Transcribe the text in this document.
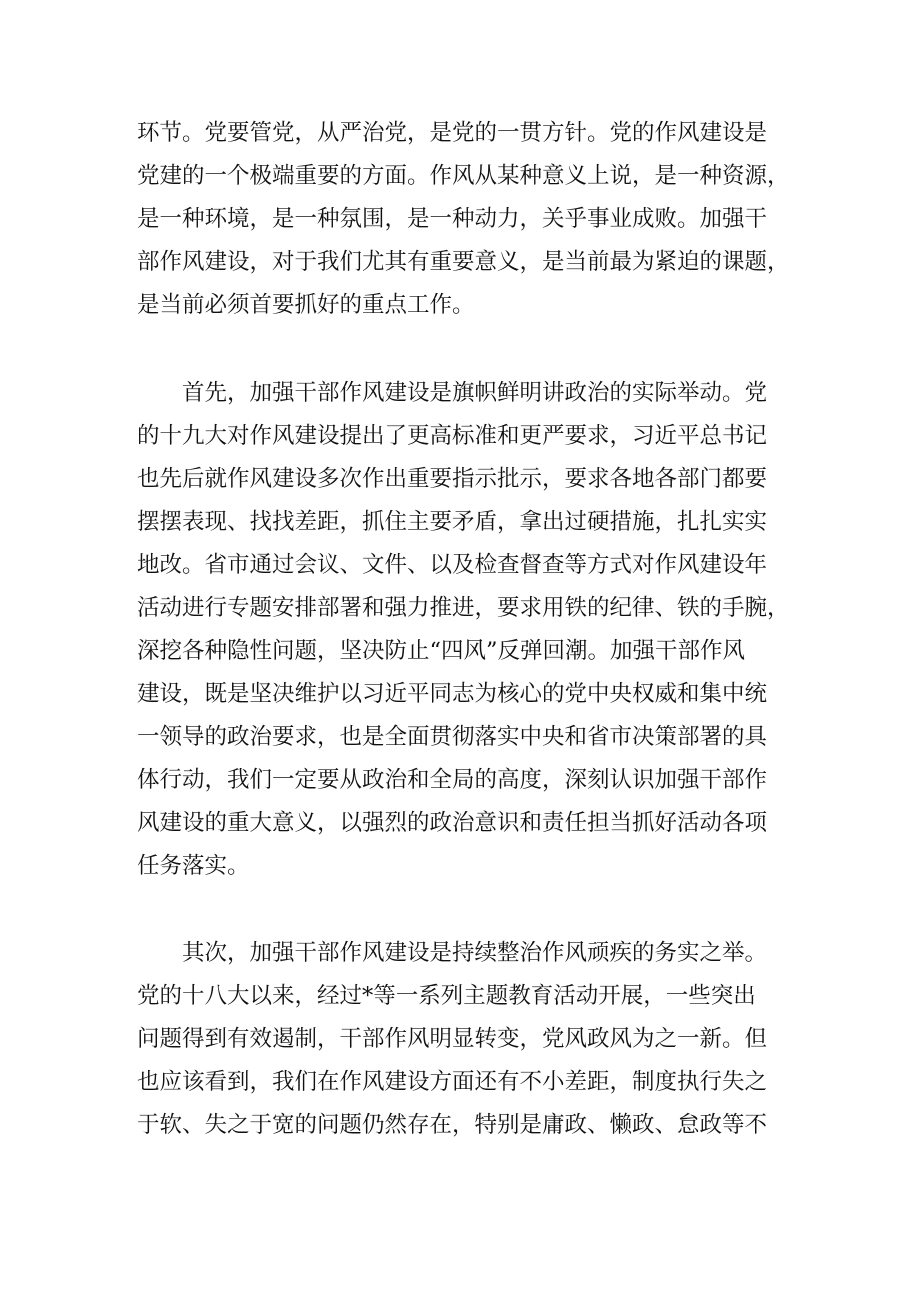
环节。党要管党，从严治党，是党的一贯方针。党的作风建设是
党建的一个极端重要的方面。作风从某种意义上说，是一种资源，
是一种环境，是一种氛围，是一种动力，关乎事业成败。加强干
部作风建设，对于我们尤其有重要意义，是当前最为紧迫的课题，
是当前必须首要抓好的重点工作。
　　首先，加强干部作风建设是旗帜鲜明讲政治的实际举动。党
的十九大对作风建设提出了更高标准和更严要求，习近平总书记
也先后就作风建设多次作出重要指示批示，要求各地各部门都要
摆摆表现、找找差距，抓住主要矛盾，拿出过硬措施，扎扎实实
地改。省市通过会议、文件、以及检查督查等方式对作风建设年
活动进行专题安排部署和强力推进，要求用铁的纪律、铁的手腕，
深挖各种隐性问题，坚决防止“四风”反弹回潮。加强干部作风
建设，既是坚决维护以习近平同志为核心的党中央权威和集中统
一领导的政治要求，也是全面贯彻落实中央和省市决策部署的具
体行动，我们一定要从政治和全局的高度，深刻认识加强干部作
风建设的重大意义，以强烈的政治意识和责任担当抓好活动各项
任务落实。
　　其次，加强干部作风建设是持续整治作风顽疾的务实之举。
党的十八大以来，经过*等一系列主题教育活动开展，一些突出
问题得到有效遏制，干部作风明显转变，党风政风为之一新。但
也应该看到，我们在作风建设方面还有不小差距，制度执行失之
于软、失之于宽的问题仍然存在，特别是庸政、懒政、怠政等不
